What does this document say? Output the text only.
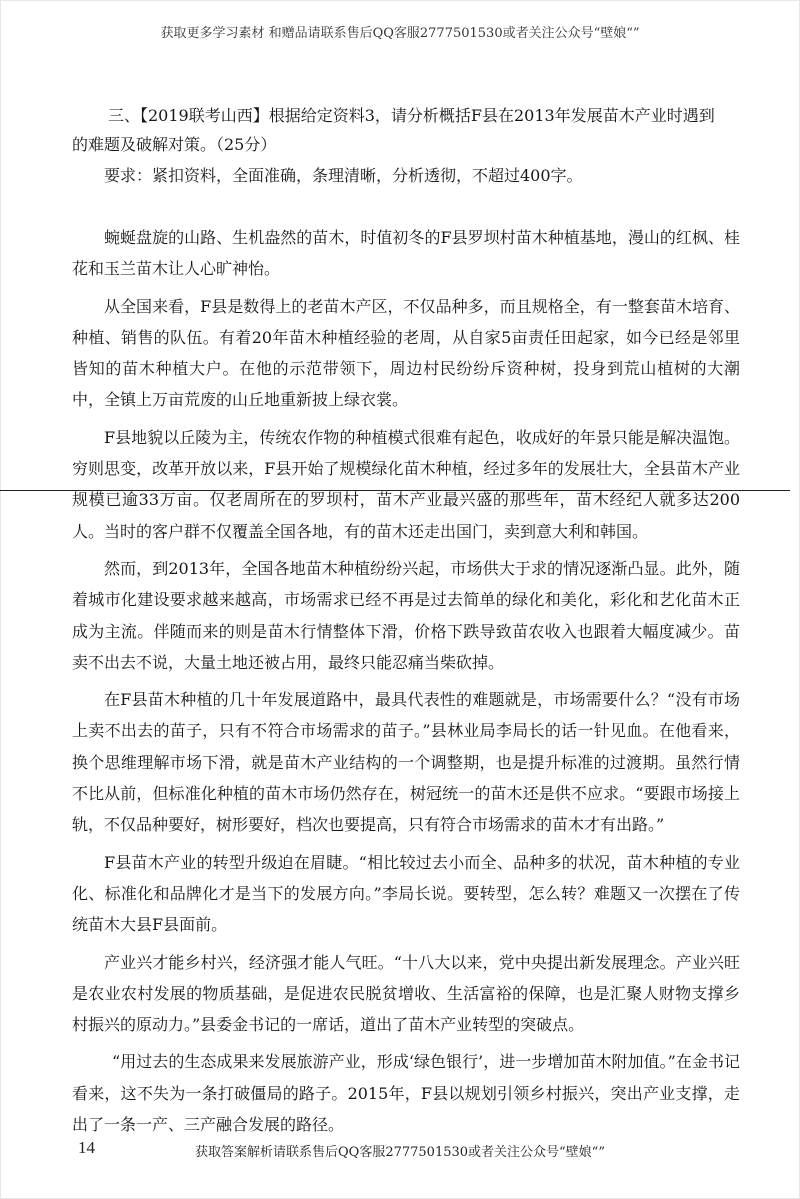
获取更多学习素材 和赠品请联系售后QQ客服2777501530或者关注公众号“壁娘“”
三、【2019联考山西】根据给定资料3，请分析概括F县在2013年发展苗木产业时遇到
的难题及破解对策。（25分）
要求：紧扣资料，全面准确，条理清晰，分析透彻，不超过400字。

蜿蜒盘旋的山路、生机盎然的苗木，时值初冬的F县罗坝村苗木种植基地，漫山的红枫、桂花和玉兰苗木让人心旷神怡。

从全国来看，F县是数得上的老苗木产区，不仅品种多，而且规格全，有一整套苗木培育、种植、销售的队伍。有着20年苗木种植经验的老周，从自家5亩责任田起家，如今已经是邻里皆知的苗木种植大户。在他的示范带领下，周边村民纷纷斥资种树，投身到荒山植树的大潮中，全镇上万亩荒废的山丘地重新披上绿衣裳。

F县地貌以丘陵为主，传统农作物的种植模式很难有起色，收成好的年景只能是解决温饱。穷则思变，改革开放以来，F县开始了规模绿化苗木种植，经过多年的发展壮大，全县苗木产业规模已逾33万亩。仅老周所在的罗坝村，苗木产业最兴盛的那些年，苗木经纪人就多达200人。当时的客户群不仅覆盖全国各地，有的苗木还走出国门，卖到意大利和韩国。

然而，到2013年，全国各地苗木种植纷纷兴起，市场供大于求的情况逐渐凸显。此外，随着城市化建设要求越来越高，市场需求已经不再是过去简单的绿化和美化，彩化和艺化苗木正成为主流。伴随而来的则是苗木行情整体下滑，价格下跌导致苗农收入也跟着大幅度减少。苗卖不出去不说，大量土地还被占用，最终只能忍痛当柴砍掉。

在F县苗木种植的几十年发展道路中，最具代表性的难题就是，市场需要什么？“没有市场上卖不出去的苗子，只有不符合市场需求的苗子。”县林业局李局长的话一针见血。在他看来，换个思维理解市场下滑，就是苗木产业结构的一个调整期，也是提升标准的过渡期。虽然行情不比从前，但标准化种植的苗木市场仍然存在，树冠统一的苗木还是供不应求。“要跟市场接上轨，不仅品种要好，树形要好，档次也要提高，只有符合市场需求的苗木才有出路。”

F县苗木产业的转型升级迫在眉睫。“相比较过去小而全、品种多的状况，苗木种植的专业化、标准化和品牌化才是当下的发展方向。”李局长说。要转型，怎么转？难题又一次摆在了传统苗木大县F县面前。

产业兴才能乡村兴，经济强才能人气旺。“十八大以来，党中央提出新发展理念。产业兴旺是农业农村发展的物质基础，是促进农民脱贫增收、生活富裕的保障，也是汇聚人财物支撑乡村振兴的原动力。”县委金书记的一席话，道出了苗木产业转型的突破点。

“用过去的生态成果来发展旅游产业，形成‘绿色银行’，进一步增加苗木附加值。”在金书记看来，这不失为一条打破僵局的路子。2015年，F县以规划引领乡村振兴，突出产业支撑，走出了一条一产、三产融合发展的路径。

14	获取答案解析请联系售后QQ客服2777501530或者关注公众号“壁娘“”
